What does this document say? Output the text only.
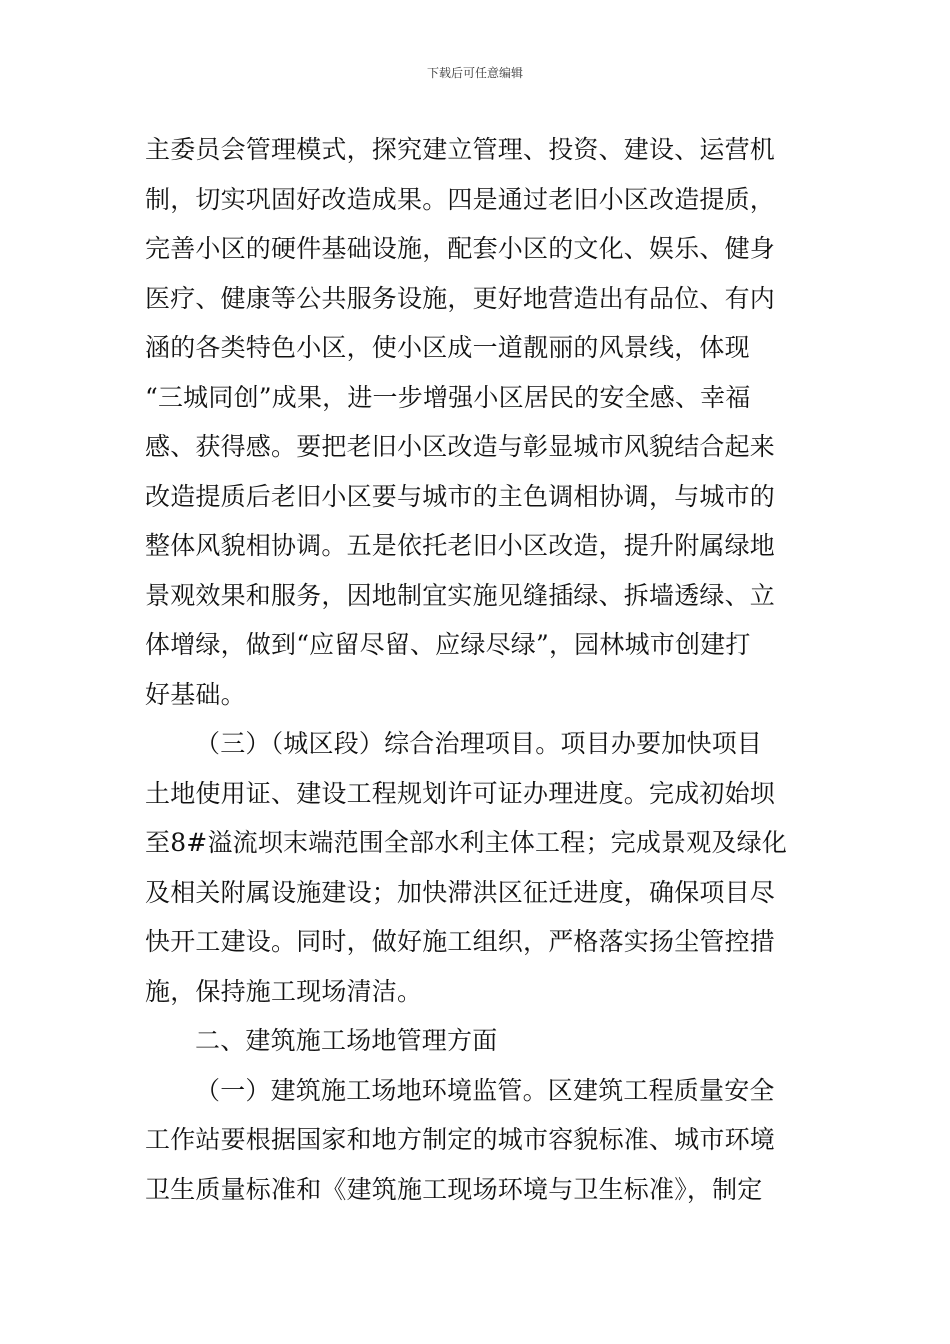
下载后可任意编辑
主委员会管理模式，探究建立管理、投资、建设、运营机
制，切实巩固好改造成果。四是通过老旧小区改造提质，
完善小区的硬件基础设施，配套小区的文化、娱乐、健身
医疗、健康等公共服务设施，更好地营造出有品位、有内
涵的各类特色小区，使小区成一道靓丽的风景线，体现
“三城同创”成果，进一步增强小区居民的安全感、幸福
感、获得感。要把老旧小区改造与彰显城市风貌结合起来
改造提质后老旧小区要与城市的主色调相协调，与城市的
整体风貌相协调。五是依托老旧小区改造，提升附属绿地
景观效果和服务，因地制宜实施见缝插绿、拆墙透绿、立
体增绿，做到“应留尽留、应绿尽绿”，园林城市创建打
好基础。
（三）（城区段）综合治理项目。项目办要加快项目
土地使用证、建设工程规划许可证办理进度。完成初始坝
至8#溢流坝末端范围全部水利主体工程；完成景观及绿化
及相关附属设施建设；加快滞洪区征迁进度，确保项目尽
快开工建设。同时，做好施工组织，严格落实扬尘管控措
施，保持施工现场清洁。
二、建筑施工场地管理方面
（一）建筑施工场地环境监管。区建筑工程质量安全
工作站要根据国家和地方制定的城市容貌标准、城市环境
卫生质量标准和《建筑施工现场环境与卫生标准》，制定
